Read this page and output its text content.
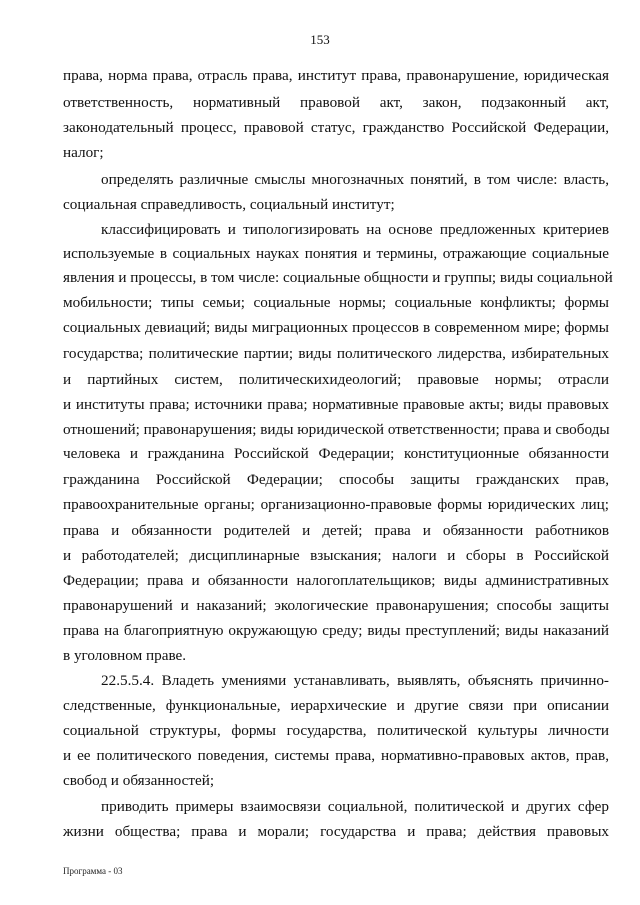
153
права, норма права, отрасль права, институт права, правонарушение, юридическая
ответственность, нормативный правовой акт, закон, подзаконный акт,
законодательный процесс, правовой статус, гражданство Российской Федерации,
налог;
определять различные смыслы многозначных понятий, в том числе: власть,
социальная справедливость, социальный институт;
классифицировать и типологизировать на основе предложенных критериев
используемые в социальных науках понятия и термины, отражающие социальные
явления и процессы, в том числе: социальные общности и группы; виды социальной
мобильности; типы семьи; социальные нормы; социальные конфликты; формы
социальных девиаций; виды миграционных процессов в современном мире; формы
государства; политические партии; виды политического лидерства, избирательных
и партийных систем, политическихидеологий; правовые нормы; отрасли
и институты права; источники права; нормативные правовые акты; виды правовых
отношений; правонарушения; виды юридической ответственности; права и свободы
человека и гражданина Российской Федерации; конституционные обязанности
гражданина Российской Федерации; способы защиты гражданских прав,
правоохранительные органы; организационно-правовые формы юридических лиц;
права и обязанности родителей и детей; права и обязанности работников
и работодателей; дисциплинарные взыскания; налоги и сборы в Российской
Федерации; права и обязанности налогоплательщиков; виды административных
правонарушений и наказаний; экологические правонарушения; способы защиты
права на благоприятную окружающую среду; виды преступлений; виды наказаний
в уголовном праве.
22.5.5.4. Владеть умениями устанавливать, выявлять, объяснять причинно-
следственные, функциональные, иерархические и другие связи при описании
социальной структуры, формы государства, политической культуры личности
и ее политического поведения, системы права, нормативно-правовых актов, прав,
свобод и обязанностей;
приводить примеры взаимосвязи социальной, политической и других сфер
жизни общества; права и морали; государства и права; действия правовых
Программа - 03
